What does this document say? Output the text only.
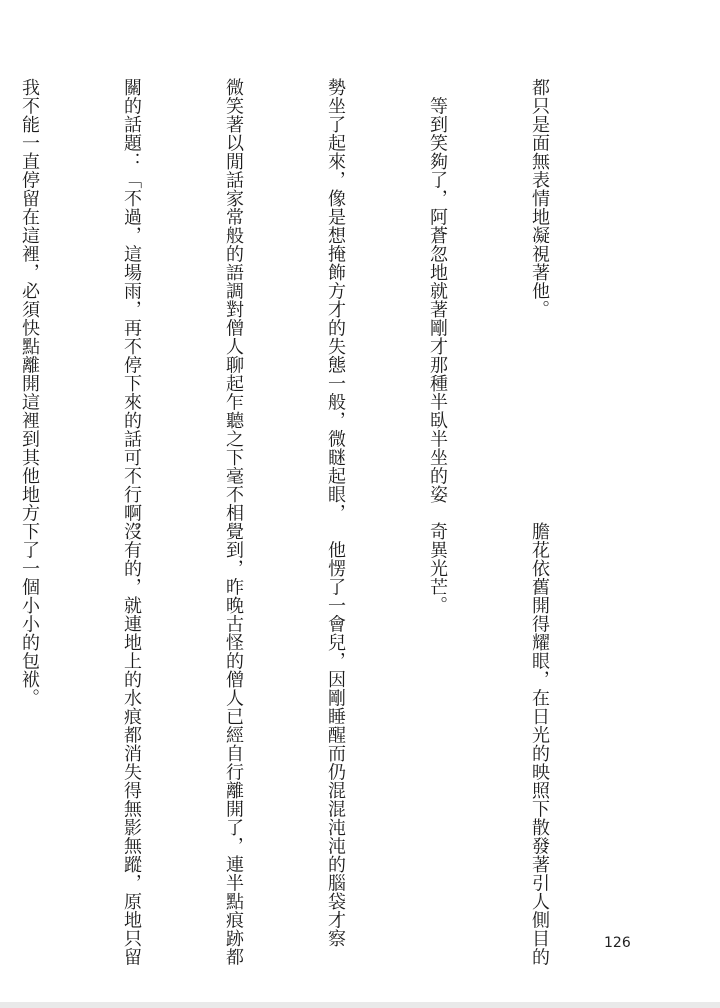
都只是面無表情地凝視著他。

　等到笑夠了，阿蒼忽地就著剛才那種半臥半坐的姿

勢坐了起來，像是想掩飾方才的失態一般，微瞇起眼，

微笑著以閒話家常般的語調對僧人聊起乍聽之下毫不相

關的話題：「不過，這場雨，再不停下來的話可不行啊。

我不能一直停留在這裡，必須快點離開這裡到其他地方

膽花依舊開得耀眼，在日光的映照下散發著引人側目的

奇異光芒。

　他愣了一會兒，因剛睡醒而仍混混沌沌的腦袋才察

覺到，昨晚古怪的僧人已經自行離開了，連半點痕跡都

沒有的，就連地上的水痕都消失得無影無蹤，原地只留

下了一個小小的包袱。

126
